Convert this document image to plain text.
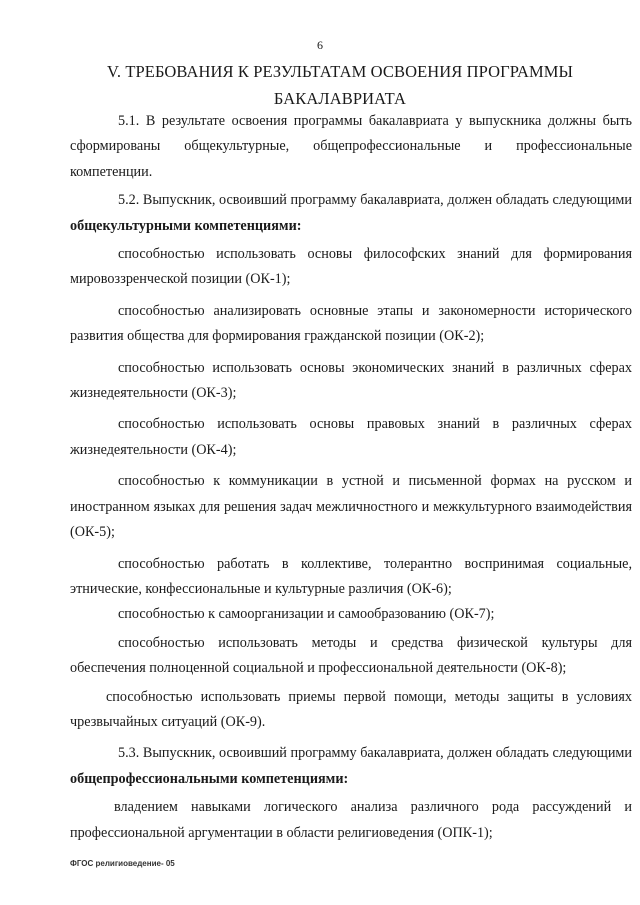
6
V. ТРЕБОВАНИЯ К РЕЗУЛЬТАТАМ ОСВОЕНИЯ ПРОГРАММЫ
БАКАЛАВРИАТА

5.1. В результате освоения программы бакалавриата у выпускника должны быть сформированы общекультурные, общепрофессиональные и профессиональные компетенции.

5.2. Выпускник, освоивший программу бакалавриата, должен обладать следующими общекультурными компетенциями:

способностью использовать основы философских знаний для формирования мировоззренческой позиции (ОК-1);

способностью анализировать основные этапы и закономерности исторического развития общества для формирования гражданской позиции (ОК-2);

способностью использовать основы экономических знаний в различных сферах жизнедеятельности (ОК-3);

способностью использовать основы правовых знаний в различных сферах жизнедеятельности (ОК-4);

способностью к коммуникации в устной и письменной формах на русском и иностранном языках для решения задач межличностного и межкультурного взаимодействия (ОК-5);

способностью работать в коллективе, толерантно воспринимая социальные, этнические, конфессиональные и культурные различия (ОК-6);

способностью к самоорганизации и самообразованию (ОК-7);

способностью использовать методы и средства физической культуры для обеспечения полноценной социальной и профессиональной деятельности (ОК-8);

способностью использовать приемы первой помощи, методы защиты в условиях чрезвычайных ситуаций (ОК-9).

5.3. Выпускник, освоивший программу бакалавриата, должен обладать следующими общепрофессиональными компетенциями:

владением навыками логического анализа различного рода рассуждений и профессиональной аргументации в области религиоведения (ОПК-1);

ФГОС религиоведение- 05
